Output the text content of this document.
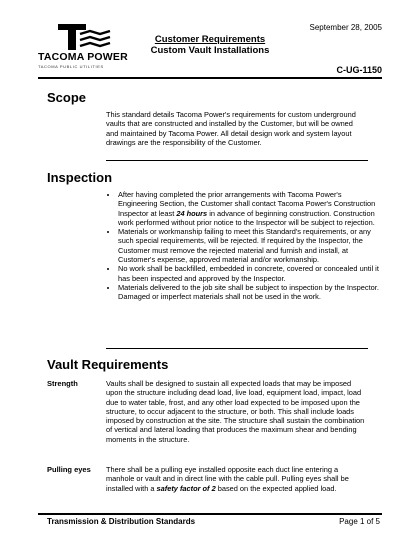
TACOMA POWER
TACOMA PUBLIC UTILITIES
September 28, 2005
Customer Requirements
Custom Vault Installations
C-UG-1150
Scope

This standard details Tacoma Power's requirements for custom underground vaults that are constructed and installed by the Customer, but will be owned and maintained by Tacoma Power. All detail design work and system layout drawings are the responsibility of the Customer.

Inspection
• After having completed the prior arrangements with Tacoma Power's Engineering Section, the Customer shall contact Tacoma Power's Construction Inspector at least 24 hours in advance of beginning construction. Construction work performed without prior notice to the Inspector will be subject to rejection.
• Materials or workmanship failing to meet this Standard's requirements, or any such special requirements, will be rejected. If required by the Inspector, the Customer must remove the rejected material and furnish and install, at Customer's expense, approved material and/or workmanship.
• No work shall be backfilled, embedded in concrete, covered or concealed until it has been inspected and approved by the Inspector.
• Materials delivered to the job site shall be subject to inspection by the Inspector. Damaged or imperfect materials shall not be used in the work.
Vault Requirements
Strength	Vaults shall be designed to sustain all expected loads that may be imposed upon the structure including dead load, live load, equipment load, impact, load due to water table, frost, and any other load expected to be imposed upon the structure, to occur adjacent to the structure, or both. This shall include loads imposed by construction at the site. The structure shall sustain the combination of vertical and lateral loading that produces the maximum shear and bending moments in the structure.

Pulling eyes There shall be a pulling eye installed opposite each duct line entering a manhole or vault and in direct line with the cable pull. Pulling eyes shall be installed with a safety factor of 2 based on the expected applied load.

Transmission & Distribution Standards	Page 1 of 5
